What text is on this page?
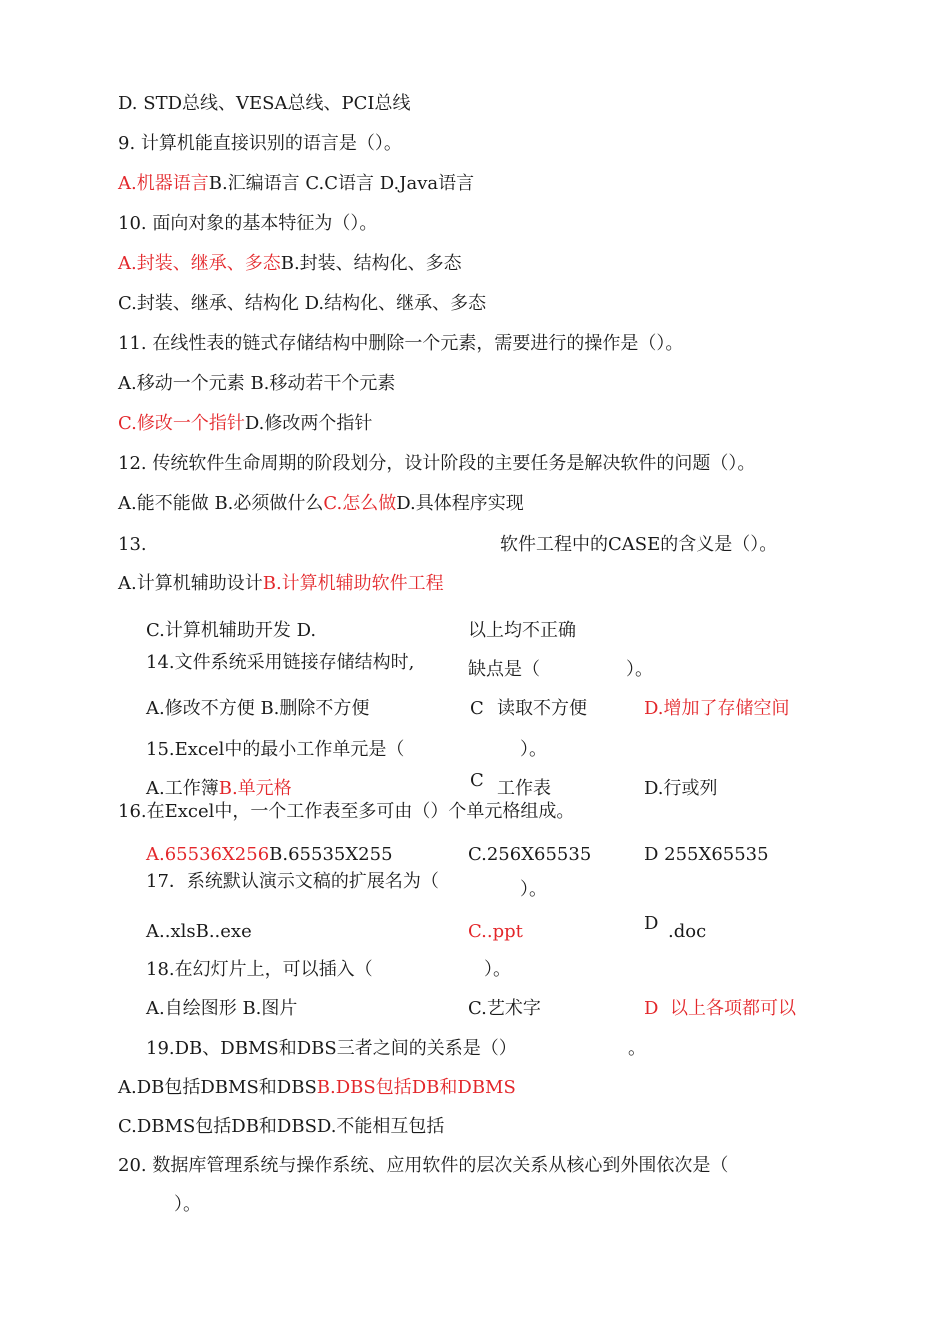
D. STD总线、VESA总线、PCI总线
9. 计算机能直接识别的语言是（）。
A.机器语言B.汇编语言 C.C语言 D.Java语言
10. 面向对象的基本特征为（）。
A.封装、继承、多态B.封装、结构化、多态
C.封装、继承、结构化 D.结构化、继承、多态
11. 在线性表的链式存储结构中删除一个元素，需要进行的操作是（）。
A.移动一个元素 B.移动若干个元素
C.修改一个指针D.修改两个指针
12. 传统软件生命周期的阶段划分，设计阶段的主要任务是解决软件的问题（）。
A.能不能做 B.必须做什么C.怎么做D.具体程序实现
13.	软件工程中的CASE的含义是（）。
A.计算机辅助设计B.计算机辅助软件工程
C.计算机辅助开发 D.	以上均不正确
14.文件系统采用链接存储结构时,	缺点是（	）。
A.修改不方便 B.删除不方便	C 读取不方便	D.增加了存储空间
15.Excel中的最小工作单元是（	）。
C
A.工作簿B.单元格	工作表	D.行或列
16.在Excel中，一个工作表至多可由（）个单元格组成。
A.65536X256B.65535X255	C.256X65535	D 255X65535
17．系统默认演示文稿的扩展名为（	）。
D
A..xlsB..exe	C..ppt	.doc
18.在幻灯片上，可以插入（	）。
A.自绘图形 B.图片	C.艺术字	D 以上各项都可以
19.DB、DBMS和DBS三者之间的关系是（）	。
A.DB包括DBMS和DBSB.DBS包括DB和DBMS
C.DBMS包括DB和DBSD.不能相互包括
20. 数据库管理系统与操作系统、应用软件的层次关系从核心到外围依次是（
）。
